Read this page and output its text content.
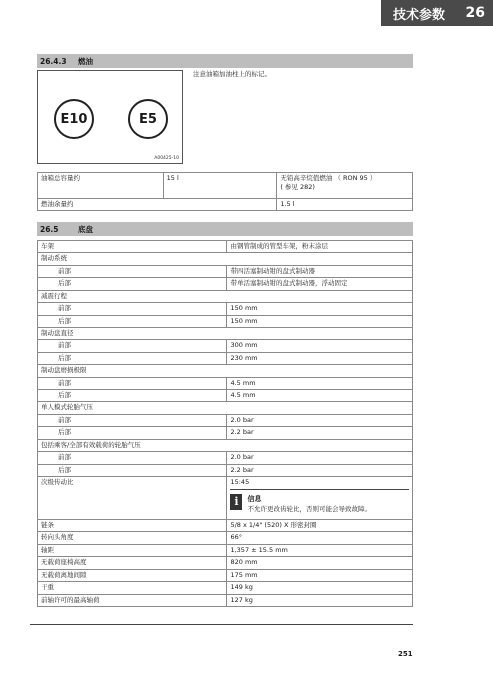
技术参数 26
26.4.3	燃油
E10	E5
A00425-10
注意油箱加油柱上的标记。
油箱总容量约	15 l	无铅高辛烷值燃油 （ RON 95 ）
( 参见 282)

燃油余量约		1.5 l
26.5	底盘
车架	由钢管制成的管型车架，粉末涂层
制动系统	
前部	带四活塞制动钳的盘式制动器
后部	带单活塞制动钳的盘式制动器，浮动固定
减震行程	
前部	150 mm
后部	150 mm
制动盘直径	
前部	300 mm
后部	230 mm
制动盘磨损极限	
前部	4.5 mm
后部	4.5 mm
单人模式轮胎气压	
前部	2.0 bar
后部	2.2 bar
包括乘客/全部有效载荷的轮胎气压	
前部	2.0 bar
后部	2.2 bar
次级传动比	15:45
i 信息
不允许更改齿轮比，否则可能会导致故障。

链条	5/8 x 1/4" (520) X 形密封圈
转向头角度	66°
轴距	1,357 ± 15.5 mm
无载荷座椅高度	820 mm
无载荷离地间隙	175 mm
干重	149 kg
前轴许可的最高轴荷	127 kg
251
